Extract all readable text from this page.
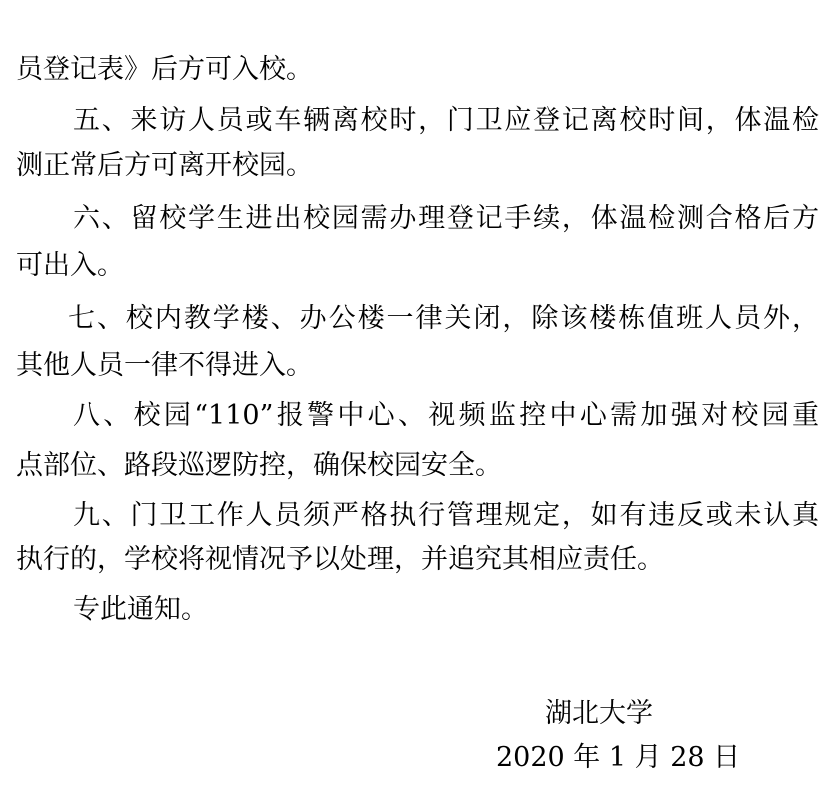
员登记表》后方可入校。
五、来访人员或车辆离校时，门卫应登记离校时间，体温检
测正常后方可离开校园。
六、留校学生进出校园需办理登记手续，体温检测合格后方
可出入。
七、校内教学楼、办公楼一律关闭，除该楼栋值班人员外，
其他人员一律不得进入。
八、校园“110”报警中心、视频监控中心需加强对校园重
点部位、路段巡逻防控，确保校园安全。
九、门卫工作人员须严格执行管理规定，如有违反或未认真
执行的，学校将视情况予以处理，并追究其相应责任。
专此通知。
湖北大学
2020 年 1 月 28 日
